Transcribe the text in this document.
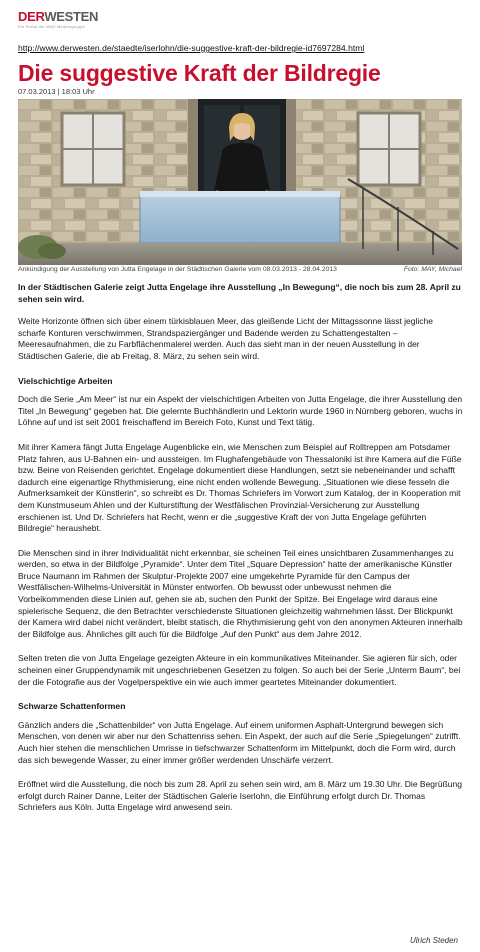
DERWESTEN
Ein Portal der WAZ Mediengruppe
http://www.derwesten.de/staedte/iserlohn/die-suggestive-kraft-der-bildregie-id7697284.html
Die suggestive Kraft der Bildregie
07.03.2013 | 18:03 Uhr
Ankündigung der Ausstellung von Jutta Engelage in der Städtischen Galerie vom 08.03.2013 - 28.04.2013	Foto: MAY, Michael

In der Städtischen Galerie zeigt Jutta Engelage ihre Ausstellung „In Bewegung“, die noch bis zum 28. April zu sehen sein wird.

Weite Horizonte öffnen sich über einem türkisblauen Meer, das gleißende Licht der Mittagssonne lässt jegliche scharfe Konturen verschwimmen, Strandspaziergänger und Badende werden zu Schattengestalten – Meeresaufnahmen, die zu Farbflächenmalerei werden. Auch das sieht man in der neuen Ausstellung in der Städtischen Galerie, die ab Freitag, 8. März, zu sehen sein wird.

Vielschichtige Arbeiten

Doch die Serie „Am Meer“ ist nur ein Aspekt der vielschichtigen Arbeiten von Jutta Engelage, die ihrer Ausstellung den Titel „In Bewegung“ gegeben hat. Die gelernte Buchhändlerin und Lektorin wurde 1960 in Nürnberg geboren, wuchs in Löhne auf und ist seit 2001 freischaffend im Bereich Foto, Kunst und Text tätig.

Mit ihrer Kamera fängt Jutta Engelage Augenblicke ein, wie Menschen zum Beispiel auf Rolltreppen am Potsdamer Platz fahren, aus U-Bahnen ein- und aussteigen. Im Flughafengebäude von Thessaloniki ist ihre Kamera auf die Füße bzw. Beine von Reisenden gerichtet. Engelage dokumentiert diese Handlungen, setzt sie nebeneinander und schafft dadurch eine eigenartige Rhythmisierung, eine nicht enden wollende Bewegung. „Situationen wie diese fesseln die Aufmerksamkeit der Künstlerin“, so schreibt es Dr. Thomas Schriefers im Vorwort zum Katalog, der in Kooperation mit dem Kunstmuseum Ahlen und der Kulturstiftung der Westfälischen Provinzial-Versicherung zur Ausstellung erschienen ist. Und Dr. Schriefers hat Recht, wenn er die „suggestive Kraft der von Jutta Engelage geführten Bildregie“ heraushebt.

Die Menschen sind in ihrer Individualität nicht erkennbar, sie scheinen Teil eines unsichtbaren Zusammenhanges zu werden, so etwa in der Bildfolge „Pyramide“. Unter dem Titel „Square Depression“ hatte der amerikanische Künstler Bruce Naumann im Rahmen der Skulptur-Projekte 2007 eine umgekehrte Pyramide für den Campus der Westfälischen-Wilhelms-Universität in Münster entworfen. Ob bewusst oder unbewusst nehmen die Vorbeikommenden diese Linien auf, gehen sie ab, suchen den Punkt der Spitze. Bei Engelage wird daraus eine spielerische Sequenz, die den Betrachter verschiedenste Situationen gleichzeitig wahrnehmen lässt. Der Blickpunkt der Kamera wird dabei nicht verändert, bleibt statisch, die Rhythmisierung geht von den anonymen Akteuren innerhalb der Bildfolge aus. Ähnliches gilt auch für die Bildfolge „Auf den Punkt“ aus dem Jahre 2012.

Selten treten die von Jutta Engelage gezeigten Akteure in ein kommunikatives Miteinander. Sie agieren für sich, oder scheinen einer Gruppendynamik mit ungeschriebenen Gesetzen zu folgen. So auch bei der Serie „Unterm Baum“, bei der die Fotografie aus der Vogelperspektive ein wie auch immer geartetes Miteinander dokumentiert.

Schwarze Schattenformen

Gänzlich anders die „Schattenbilder“ von Jutta Engelage. Auf einem uniformen Asphalt-Untergrund bewegen sich Menschen, von denen wir aber nur den Schattenriss sehen. Ein Aspekt, der auch auf die Serie „Spiegelungen“ zutrifft. Auch hier stehen die menschlichen Umrisse in tiefschwarzer Schattenform im Mittelpunkt, doch die Form wird, durch das sich bewegende Wasser, zu einer immer größer werdenden Unschärfe verzerrt.

Eröffnet wird die Ausstellung, die noch bis zum 28. April zu sehen sein wird, am 8. März um 19.30 Uhr. Die Begrüßung erfolgt durch Rainer Danne, Leiter der Städtischen Galerie Iserlohn, die Einführung erfolgt durch Dr. Thomas Schriefers aus Köln. Jutta Engelage wird anwesend sein.

Ulrich Steden
